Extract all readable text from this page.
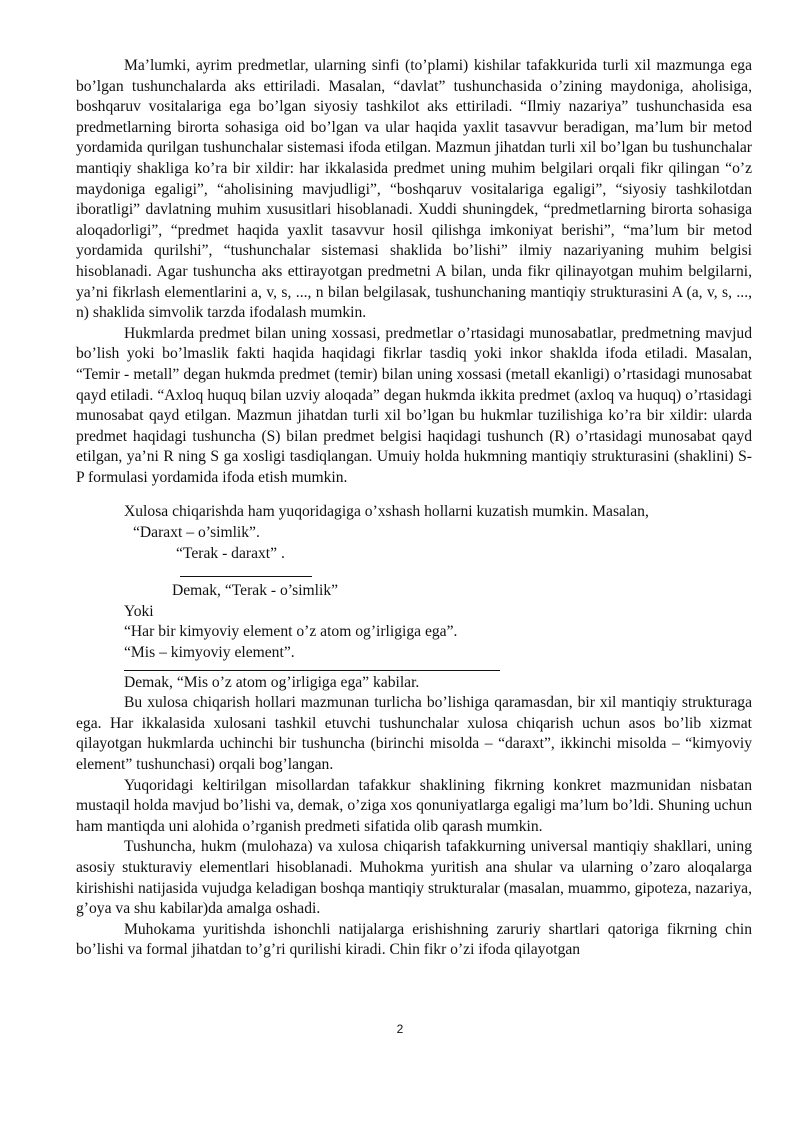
Ma’lumki, ayrim predmetlar, ularning sinfi (to’plami) kishilar tafakkurida turli xil mazmunga ega bo’lgan tushunchalarda aks ettiriladi. Masalan, “davlat” tushunchasida o’zining maydoniga, aholisiga, boshqaruv vositalariga ega bo’lgan siyosiy tashkilot aks ettiriladi. “Ilmiy nazariya” tushunchasida esa predmetlarning birorta sohasiga oid bo’lgan va ular haqida yaxlit tasavvur beradigan, ma’lum bir metod yordamida qurilgan tushunchalar sistemasi ifoda etilgan. Mazmun jihatdan turli xil bo’lgan bu tushunchalar mantiqiy shakliga ko’ra bir xildir: har ikkalasida predmet uning muhim belgilari orqali fikr qilingan “o’z maydoniga egaligi”, “aholisining mavjudligi”, “boshqaruv vositalariga egaligi”, “siyosiy tashkilotdan iboratligi” davlatning muhim xususitlari hisoblanadi. Xuddi shuningdek, “predmetlarning birorta sohasiga aloqadorligi”, “predmet haqida yaxlit tasavvur hosil qilishga imkoniyat berishi”, “ma’lum bir metod yordamida qurilshi”, “tushunchalar sistemasi shaklida bo’lishi” ilmiy nazariyaning muhim belgisi hisoblanadi. Agar tushuncha aks ettirayotgan predmetni A bilan, unda fikr qilinayotgan muhim belgilarni, ya’ni fikrlash elementlarini a, v, s, ..., n bilan belgilasak, tushunchaning mantiqiy strukturasini A (a, v, s, ..., n) shaklida simvolik tarzda ifodalash mumkin.

Hukmlarda predmet bilan uning xossasi, predmetlar o’rtasidagi munosabatlar, predmetning mavjud bo’lish yoki bo’lmaslik fakti haqida haqidagi fikrlar tasdiq yoki inkor shaklda ifoda etiladi. Masalan, “Temir - metall” degan hukmda predmet (temir) bilan uning xossasi (metall ekanligi) o’rtasidagi munosabat qayd etiladi. “Axloq huquq bilan uzviy aloqada” degan hukmda ikkita predmet (axloq va huquq) o’rtasidagi munosabat qayd etilgan. Mazmun jihatdan turli xil bo’lgan bu hukmlar tuzilishiga ko’ra bir xildir: ularda predmet haqidagi tushuncha (S) bilan predmet belgisi haqidagi tushunch (R) o’rtasidagi munosabat qayd etilgan, ya’ni R ning S ga xosligi tasdiqlangan. Umuiy holda hukmning mantiqiy strukturasini (shaklini) S-P formulasi yordamida ifoda etish mumkin.

Xulosa chiqarishda ham yuqoridagiga o’xshash hollarni kuzatish mumkin. Masalan,

“Daraxt – o’simlik”.

“Terak - daraxt” .

Demak, “Terak - o’simlik”

Yoki

“Har bir kimyoviy element o’z atom og’irligiga ega”.

“Mis – kimyoviy element”.

Demak, “Mis o’z atom og’irligiga ega” kabilar.

Bu xulosa chiqarish hollari mazmunan turlicha bo’lishiga qaramasdan, bir xil mantiqiy strukturaga ega. Har ikkalasida xulosani tashkil etuvchi tushunchalar xulosa chiqarish uchun asos bo’lib xizmat qilayotgan hukmlarda uchinchi bir tushuncha (birinchi misolda – “daraxt”, ikkinchi misolda – “kimyoviy element” tushunchasi) orqali bog’langan.

Yuqoridagi keltirilgan misollardan tafakkur shaklining fikrning konkret mazmunidan nisbatan mustaqil holda mavjud bo’lishi va, demak, o’ziga xos qonuniyatlarga egaligi ma’lum bo’ldi. Shuning uchun ham mantiqda uni alohida o’rganish predmeti sifatida olib qarash mumkin.

Tushuncha, hukm (mulohaza) va xulosa chiqarish tafakkurning universal mantiqiy shakllari, uning asosiy stukturaviy elementlari hisoblanadi. Muhokma yuritish ana shular va ularning o’zaro aloqalarga kirishishi natijasida vujudga keladigan boshqa mantiqiy strukturalar (masalan, muammo, gipoteza, nazariya, g’oya va shu kabilar)da amalga oshadi.

Muhokama yuritishda ishonchli natijalarga erishishning zaruriy shartlari qatoriga fikrning chin bo’lishi va formal jihatdan to’g’ri qurilishi kiradi. Chin fikr o’zi ifoda qilayotgan

2
